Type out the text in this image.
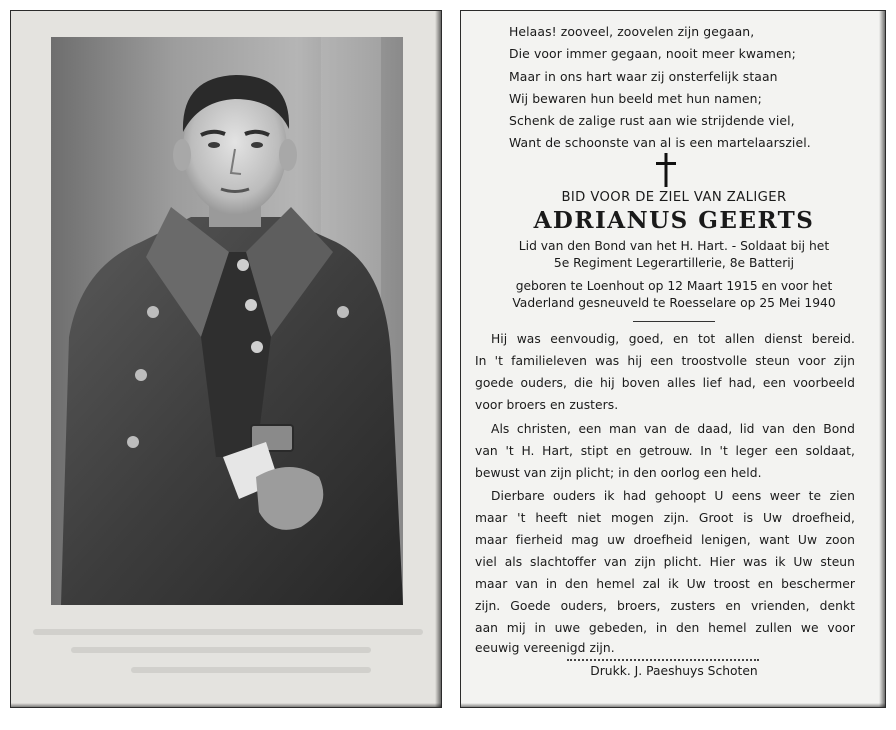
Helaas! zooveel, zoovelen zijn gegaan,
Die voor immer gegaan, nooit meer kwamen;
Maar in ons hart waar zij onsterfelijk staan
Wij bewaren hun beeld met hun namen;
Schenk de zalige rust aan wie strijdende viel,
Want de schoonste van al is een martelaarsziel.
BID VOOR DE ZIEL VAN ZALIGER
ADRIANUS GEERTS
Lid van den Bond van het H. Hart. - Soldaat bij het
5e Regiment Legerartillerie, 8e Batterij
geboren te Loenhout op 12 Maart 1915 en voor het
Vaderland gesneuveld te Roesselare op 25 Mei 1940
Hij was eenvoudig, goed, en tot allen dienst bereid.
In 't familieleven was hij een troostvolle steun voor zijn
goede ouders, die hij boven alles lief had, een voorbeeld
voor broers en zusters.
Als christen, een man van de daad, lid van den Bond
van 't H. Hart, stipt en getrouw. In 't leger een soldaat,
bewust van zijn plicht; in den oorlog een held.
Dierbare ouders ik had gehoopt U eens weer te zien
maar 't heeft niet mogen zijn. Groot is Uw droefheid,
maar fierheid mag uw droefheid lenigen, want Uw zoon
viel als slachtoffer van zijn plicht. Hier was ik Uw steun
maar van in den hemel zal ik Uw troost en beschermer
zijn. Goede ouders, broers, zusters en vrienden, denkt
aan mij in uwe gebeden, in den hemel zullen we voor
eeuwig vereenigd zijn.
Drukk. J. Paeshuys Schoten
